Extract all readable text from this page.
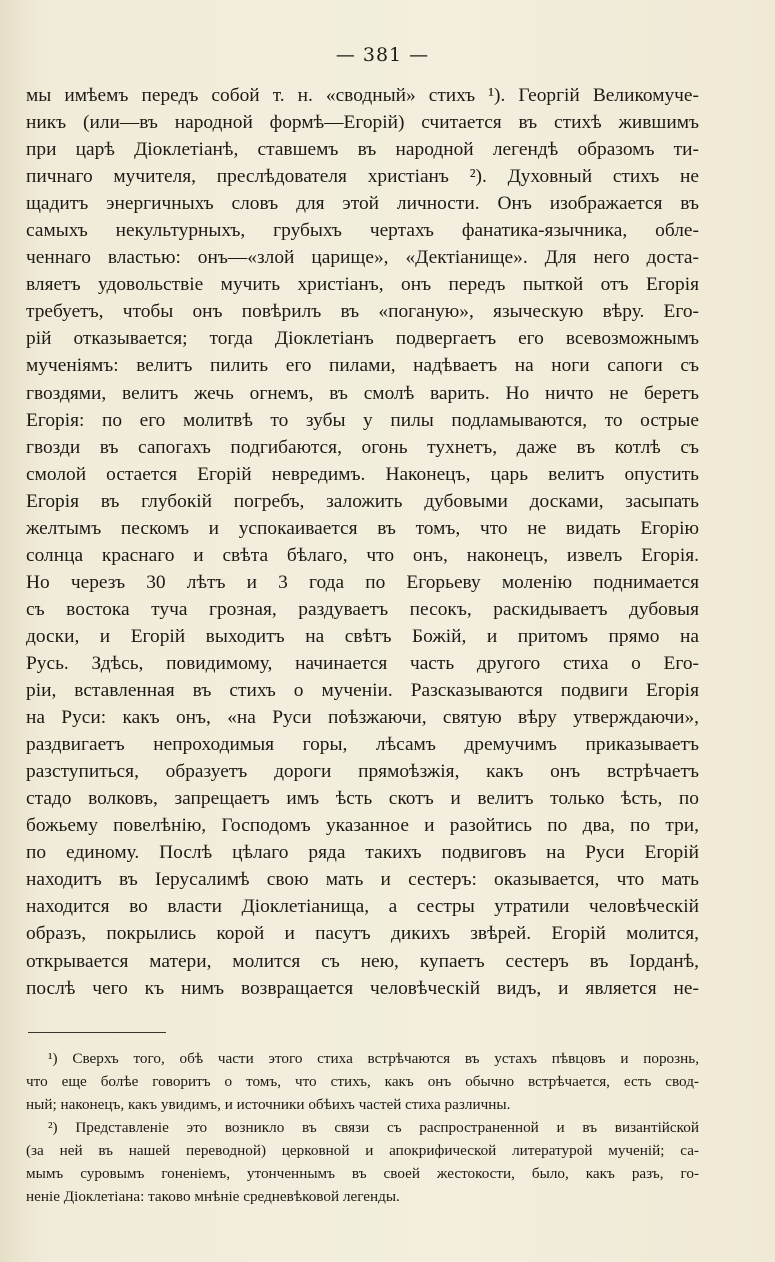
— 381 —
мы имѣемъ передъ собой т. н. «сводный» стихъ ¹). Георгій Великомуче-
никъ (или—въ народной формѣ—Егорій) считается въ стихѣ жившимъ
при царѣ Діоклетіанѣ, ставшемъ въ народной легендѣ образомъ ти-
пичнаго мучителя, преслѣдователя христіанъ ²). Духовный стихъ не
щадитъ энергичныхъ словъ для этой личности. Онъ изображается въ
самыхъ некультурныхъ, грубыхъ чертахъ фанатика-язычника, обле-
ченнаго властью: онъ—«злой царище», «Дектіанище». Для него доста-
вляетъ удовольствіе мучить христіанъ, онъ передъ пыткой отъ Егорія
требуетъ, чтобы онъ повѣрилъ въ «поганую», языческую вѣру. Его-
рій отказывается; тогда Діоклетіанъ подвергаетъ его всевозможнымъ
мученіямъ: велитъ пилить его пилами, надѣваетъ на ноги сапоги съ
гвоздями, велитъ жечь огнемъ, въ смолѣ варить. Но ничто не беретъ
Егорія: по его молитвѣ то зубы у пилы подламываются, то острые
гвозди въ сапогахъ подгибаются, огонь тухнетъ, даже въ котлѣ съ
смолой остается Егорій невредимъ. Наконецъ, царь велитъ опустить
Егорія въ глубокій погребъ, заложить дубовыми досками, засыпать
желтымъ пескомъ и успокаивается въ томъ, что не видать Егорію
солнца краснаго и свѣта бѣлаго, что онъ, наконецъ, извелъ Егорія.
Но черезъ 30 лѣтъ и 3 года по Егорьеву моленію поднимается
съ востока туча грозная, раздуваетъ песокъ, раскидываетъ дубовыя
доски, и Егорій выходитъ на свѣтъ Божій, и притомъ прямо на
Русь. Здѣсь, повидимому, начинается часть другого стиха о Его-
ріи, вставленная въ стихъ о мученіи. Разсказываются подвиги Егорія
на Руси: какъ онъ, «на Руси поѣзжаючи, святую вѣру утверждаючи»,
раздвигаетъ непроходимыя горы, лѣсамъ дремучимъ приказываетъ
разступиться, образуетъ дороги прямоѣзжія, какъ онъ встрѣчаетъ
стадо волковъ, запрещаетъ имъ ѣсть скотъ и велитъ только ѣсть, по
божьему повелѣнію, Господомъ указанное и разойтись по два, по три,
по единому. Послѣ цѣлаго ряда такихъ подвиговъ на Руси Егорій
находитъ въ Іерусалимѣ свою мать и сестеръ: оказывается, что мать
находится во власти Діоклетіанища, а сестры утратили человѣческій
образъ, покрылись корой и пасутъ дикихъ звѣрей. Егорій молится,
открывается матери, молится съ нею, купаетъ сестеръ въ Іорданѣ,
послѣ чего къ нимъ возвращается человѣческій видъ, и является не-
¹) Сверхъ того, обѣ части этого стиха встрѣчаются въ устахъ пѣвцовъ и порознь,
что еще болѣе говоритъ о томъ, что стихъ, какъ онъ обычно встрѣчается, есть свод-
ный; наконецъ, какъ увидимъ, и источники обѣихъ частей стиха различны.
²) Представленіе это возникло въ связи съ распространенной и въ византійской
(за ней въ нашей переводной) церковной и апокрифической литературой мученій; са-
мымъ суровымъ гоненіемъ, утонченнымъ въ своей жестокости, было, какъ разъ, го-
неніе Діоклетіана: таково мнѣніе средневѣковой легенды.
